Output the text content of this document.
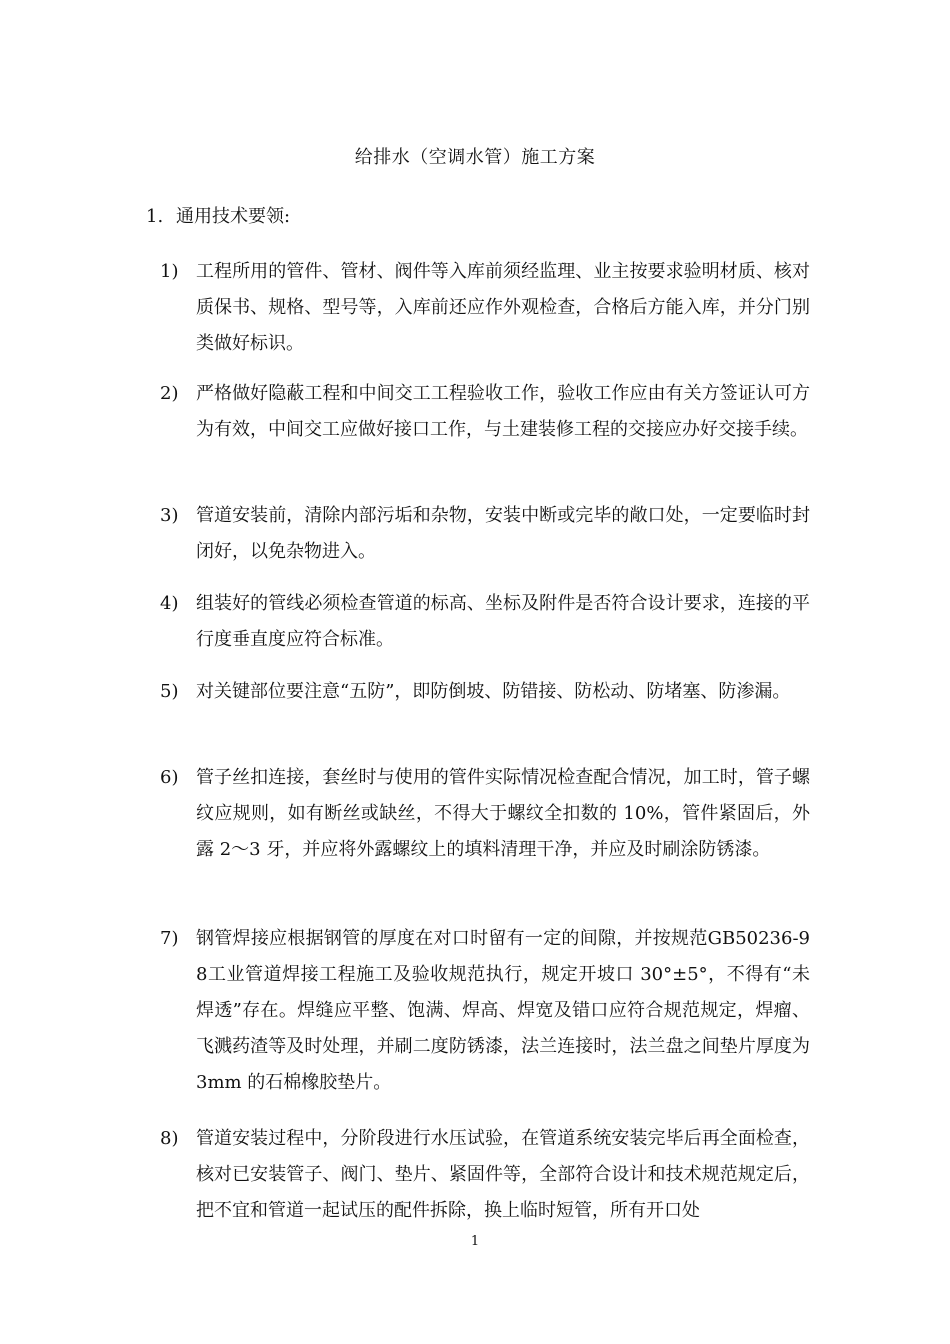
给排水（空调水管）施工方案
1. 通用技术要领:
1) 工程所用的管件、管材、阀件等入库前须经监理、业主按要求验明材质、核对质保书、规格、型号等，入库前还应作外观检查，合格后方能入库，并分门别类做好标识。
2) 严格做好隐蔽工程和中间交工工程验收工作，验收工作应由有关方签证认可方为有效，中间交工应做好接口工作，与土建装修工程的交接应办好交接手续。
3) 管道安装前，清除内部污垢和杂物，安装中断或完毕的敞口处，一定要临时封闭好，以免杂物进入。
4) 组装好的管线必须检查管道的标高、坐标及附件是否符合设计要求，连接的平行度垂直度应符合标准。
5) 对关键部位要注意“五防”，即防倒坡、防错接、防松动、防堵塞、防渗漏。
6) 管子丝扣连接，套丝时与使用的管件实际情况检查配合情况，加工时，管子螺纹应规则，如有断丝或缺丝，不得大于螺纹全扣数的 10%，管件紧固后，外露 2～3 牙，并应将外露螺纹上的填料清理干净，并应及时刷涂防锈漆。
7) 钢管焊接应根据钢管的厚度在对口时留有一定的间隙，并按规范GB50236-98工业管道焊接工程施工及验收规范执行，规定开坡口 30°±5°，不得有“未焊透”存在。焊缝应平整、饱满、焊高、焊宽及错口应符合规范规定，焊瘤、飞溅药渣等及时处理，并刷二度防锈漆，法兰连接时，法兰盘之间垫片厚度为 3mm 的石棉橡胶垫片。
8) 管道安装过程中，分阶段进行水压试验，在管道系统安装完毕后再全面检查，核对已安装管子、阀门、垫片、紧固件等，全部符合设计和技术规范规定后，把不宜和管道一起试压的配件拆除，换上临时短管，所有开口处
1
